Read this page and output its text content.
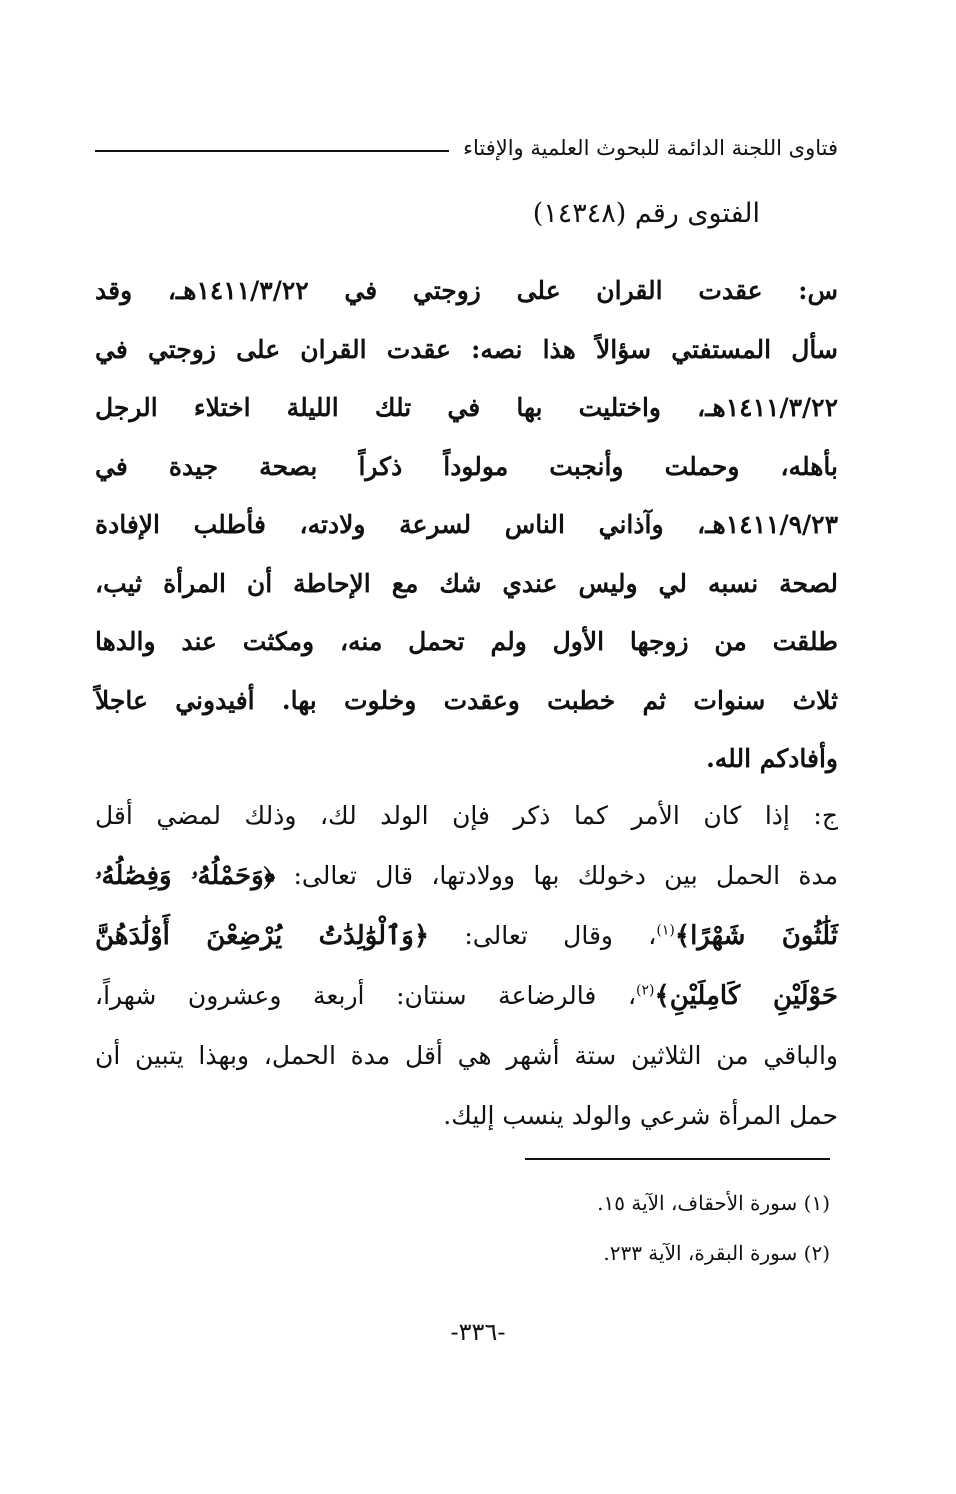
فتاوى اللجنة الدائمة للبحوث العلمية والإفتاء
الفتوى رقم (١٤٣٤٨)
س: عقدت القران على زوجتي في ١٤١١/٣/٢٢هـ، وقد
سأل المستفتي سؤالاً هذا نصه: عقدت القران على زوجتي في
١٤١١/٣/٢٢هـ، واختليت بها في تلك الليلة اختلاء الرجل
بأهله، وحملت وأنجبت مولوداً ذكراً بصحة جيدة في
١٤١١/٩/٢٣هـ، وآذاني الناس لسرعة ولادته، فأطلب الإفادة
لصحة نسبه لي وليس عندي شك مع الإحاطة أن المرأة ثيب،
طلقت من زوجها الأول ولم تحمل منه، ومكثت عند والدها
ثلاث سنوات ثم خطبت وعقدت وخلوت بها. أفيدوني عاجلاً
وأفادكم الله.
ج: إذا كان الأمر كما ذكر فإن الولد لك، وذلك لمضي أقل
مدة الحمل بين دخولك بها وولادتها، قال تعالى: ﴿وَحَمْلُهُۥ وَفِصَٰلُهُۥ
ثَلَٰثُونَ شَهْرًا﴾$^{(١)}$، وقال تعالى: ﴿وَٱلْوَٰلِدَٰتُ يُرْضِعْنَ أَوْلَٰدَهُنَّ
حَوْلَيْنِ كَامِلَيْنِ﴾$^{(٢)}$، فالرضاعة سنتان: أربعة وعشرون شهراً،
والباقي من الثلاثين ستة أشهر هي أقل مدة الحمل، وبهذا يتبين أن
حمل المرأة شرعي والولد ينسب إليك.
(١) سورة الأحقاف، الآية ١٥.
(٢) سورة البقرة، الآية ٢٣٣.
-٣٣٦-
